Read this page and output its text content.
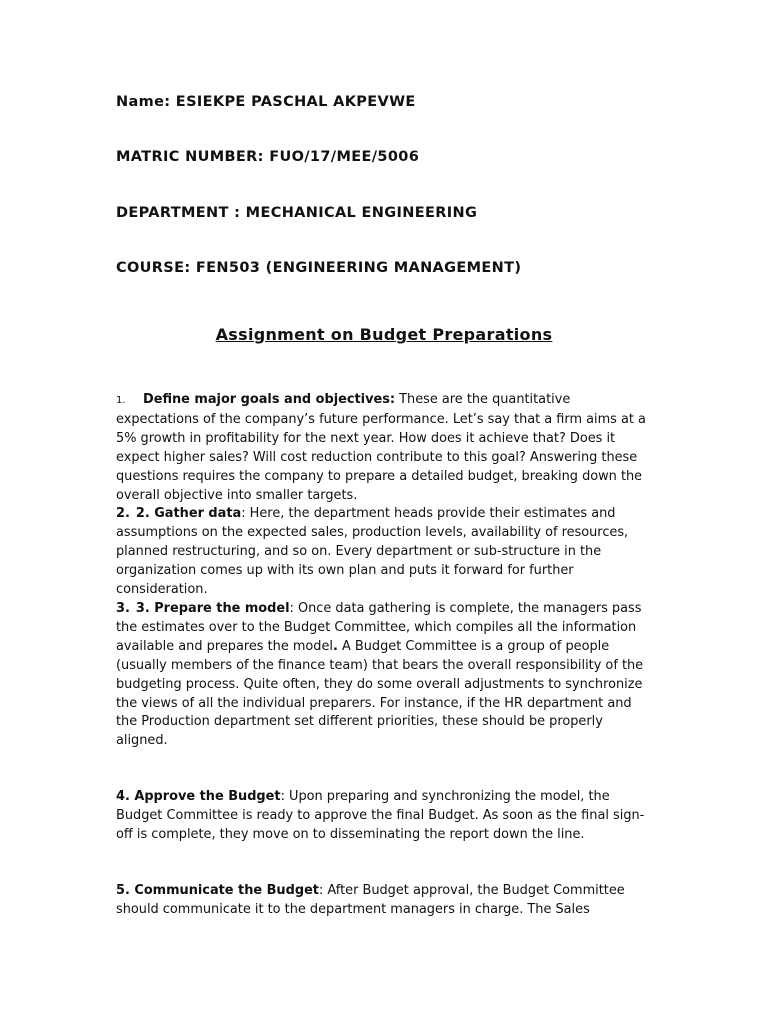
Name: ESIEKPE PASCHAL AKPEVWE
MATRIC NUMBER: FUO/17/MEE/5006
DEPARTMENT : MECHANICAL ENGINEERING
COURSE: FEN503 (ENGINEERING MANAGEMENT)
Assignment on Budget Preparations

1. Define major goals and objectives: These are the quantitative expectations of the company’s future performance. Let’s say that a firm aims at a 5% growth in profitability for the next year. How does it achieve that? Does it expect higher sales? Will cost reduction contribute to this goal? Answering these questions requires the company to prepare a detailed budget, breaking down the overall objective into smaller targets.

2. 2. Gather data: Here, the department heads provide their estimates and assumptions on the expected sales, production levels, availability of resources, planned restructuring, and so on. Every department or sub-structure in the organization comes up with its own plan and puts it forward for further consideration.

3. 3. Prepare the model: Once data gathering is complete, the managers pass the estimates over to the Budget Committee, which compiles all the information available and prepares the model. A Budget Committee is a group of people (usually members of the finance team) that bears the overall responsibility of the budgeting process. Quite often, they do some overall adjustments to synchronize the views of all the individual preparers. For instance, if the HR department and the Production department set different priorities, these should be properly aligned.

4. Approve the Budget: Upon preparing and synchronizing the model, the Budget Committee is ready to approve the final Budget. As soon as the final sign-off is complete, they move on to disseminating the report down the line.

5. Communicate the Budget: After Budget approval, the Budget Committee should communicate it to the department managers in charge. The Sales
